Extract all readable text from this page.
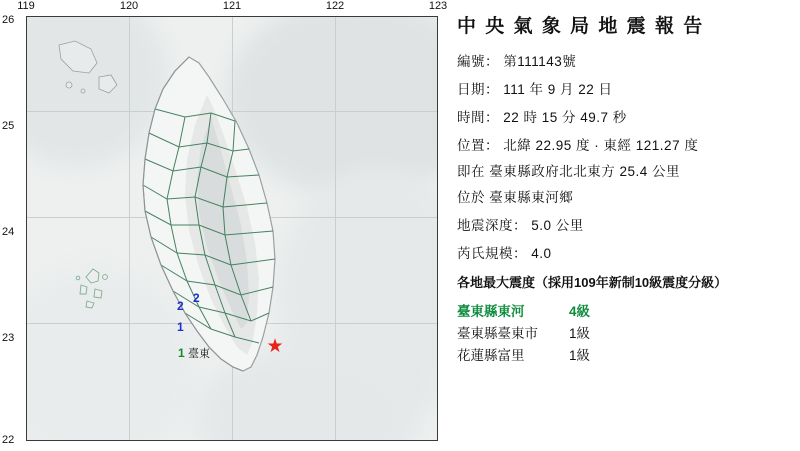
119	120	121	122	123
26
25
24
23
22
2
2
1
1	★
臺東
中 央 氣 象 局 地 震 報 告
編號： 第111143號
日期： 111 年 9 月 22 日
時間： 22 時 15 分 49.7 秒
位置： 北緯 22.95 度 · 東經 121.27 度
即在 臺東縣政府北北東方 25.4 公里
位於 臺東縣東河鄉
地震深度： 5.0 公里
芮氏規模： 4.0
各地最大震度（採用109年新制10級震度分級）
臺東縣東河	4級
臺東縣臺東市 1級
花蓮縣富里	1級
